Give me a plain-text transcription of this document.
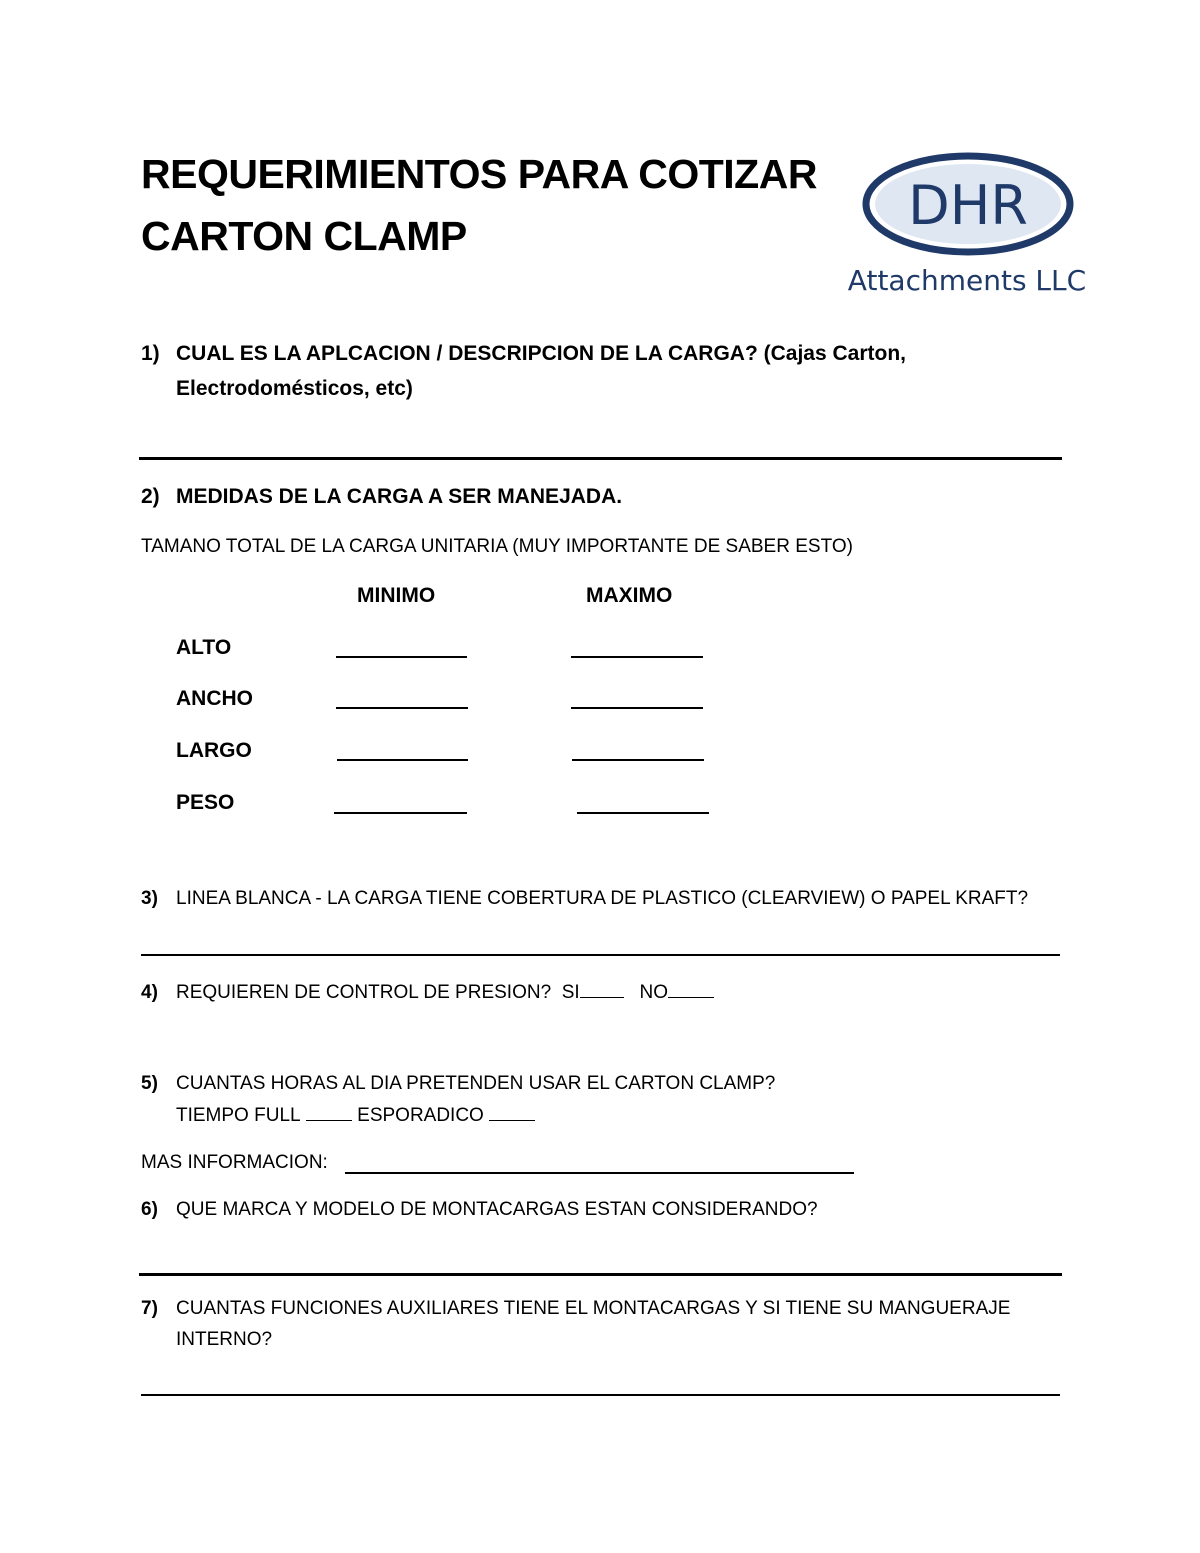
REQUERIMIENTOS PARA COTIZAR
CARTON CLAMP	DHR
Attachments LLC
1) CUAL ES LA APLCACION / DESCRIPCION DE LA CARGA? (Cajas Carton,
Electrodomésticos, etc)
2) MEDIDAS DE LA CARGA A SER MANEJADA.
TAMANO TOTAL DE LA CARGA UNITARIA (MUY IMPORTANTE DE SABER ESTO)
MINIMO	MAXIMO
ALTO
ANCHO
LARGO
PESO
3) LINEA BLANCA - LA CARGA TIENE COBERTURA DE PLASTICO (CLEARVIEW) O PAPEL KRAFT?
4) REQUIEREN DE CONTROL DE PRESION? SI	NO
5) CUANTAS HORAS AL DIA PRETENDEN USAR EL CARTON CLAMP?
TIEMPO FULL	ESPORADICO
MAS INFORMACION:
6) QUE MARCA Y MODELO DE MONTACARGAS ESTAN CONSIDERANDO?
7) CUANTAS FUNCIONES AUXILIARES TIENE EL MONTACARGAS Y SI TIENE SU MANGUERAJE
INTERNO?
